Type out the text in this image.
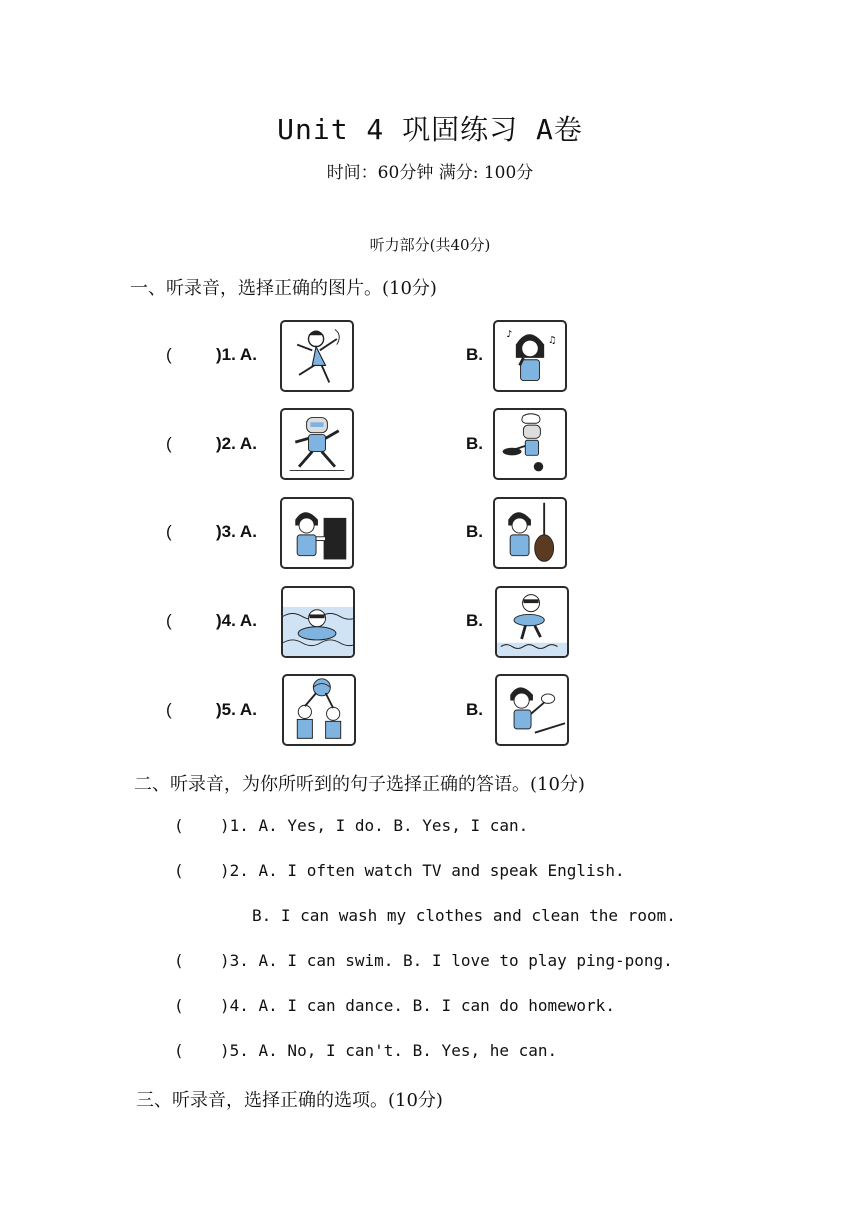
Unit 4 巩固练习 A卷
时间：60分钟 满分: 100分
听力部分(共40分)
一、听录音，选择正确的图片。(10分)
(	)1. A.	B.
♪
♫
(	)2. A.	B.
(	)3. A.	B.
(	)4. A.	B.
(	)5. A.	B.
二、听录音，为你所听到的句子选择正确的答语。(10分)
( )1. A. Yes, I do. B. Yes, I can.
( )2. A. I often watch TV and speak English.
B. I can wash my clothes and clean the room.
( )3. A. I can swim. B. I love to play ping-pong.
( )4. A. I can dance. B. I can do homework.
( )5. A. No, I can't. B. Yes, he can.
三、听录音，选择正确的选项。(10分)
